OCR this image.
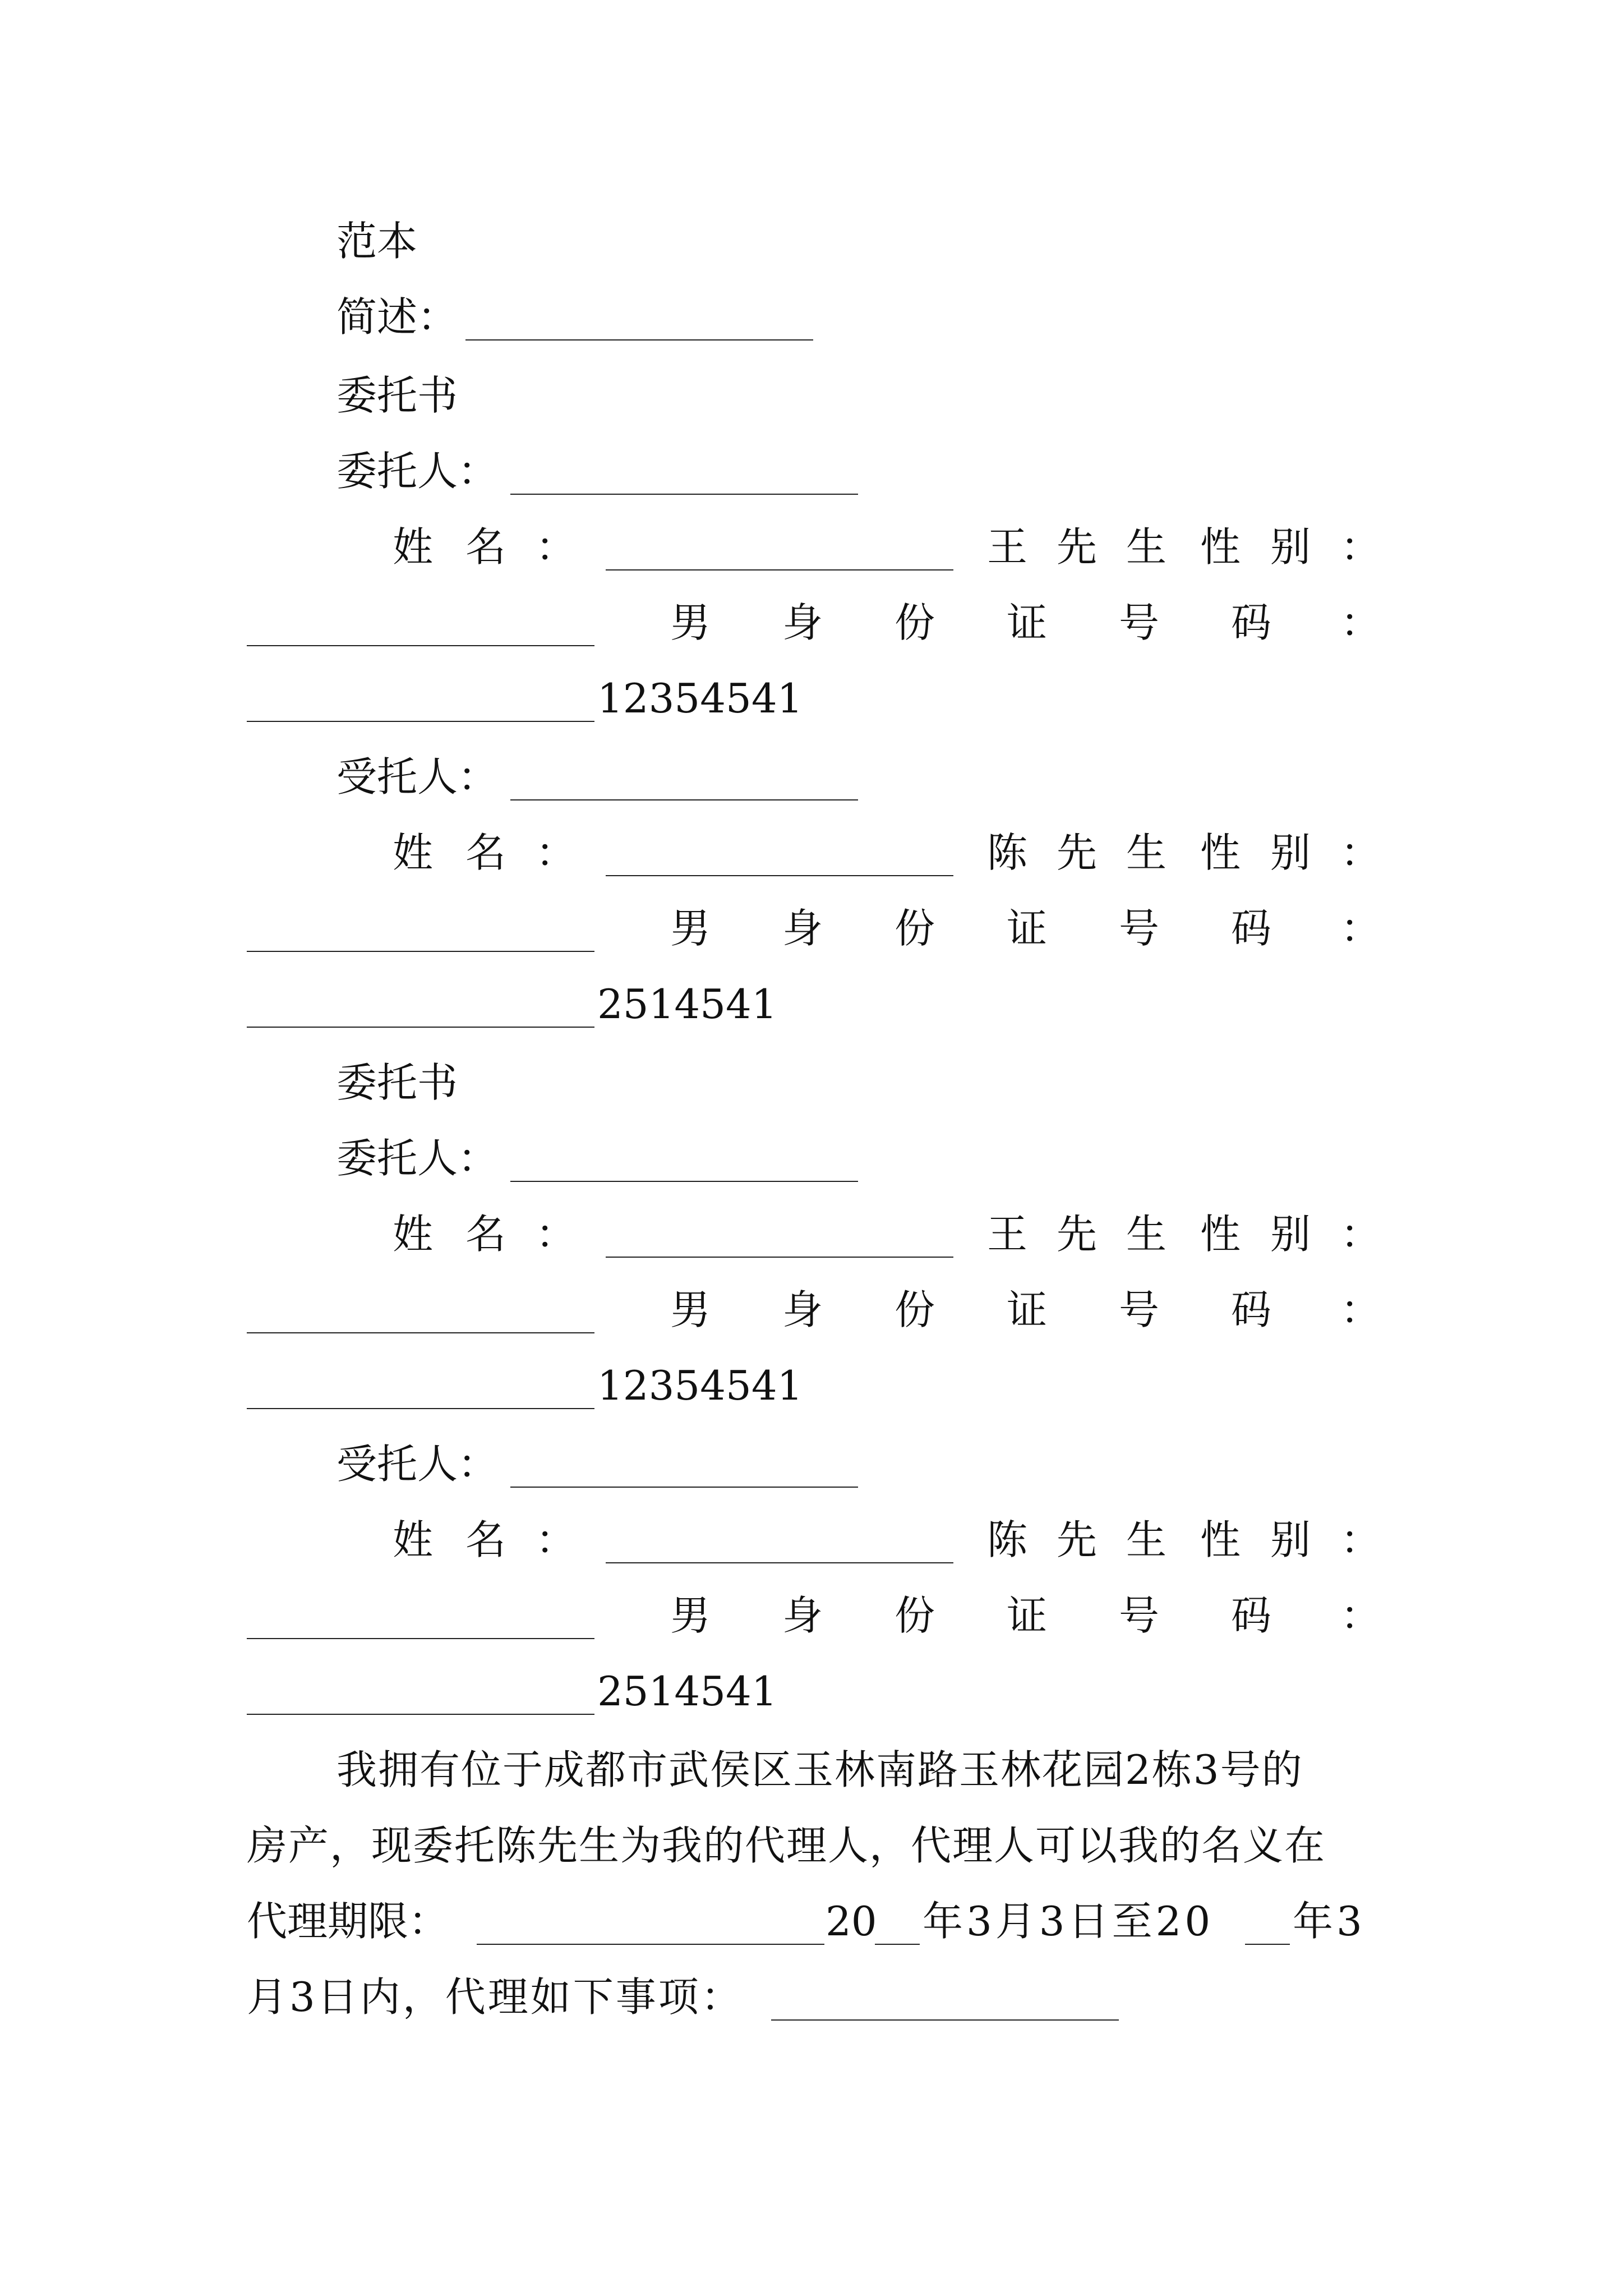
范本
简述：
委托书
委托人：
姓 名 ：	王先生 性 别 ：
男 身 份 证 号 码 ：
12354541
受托人：
姓 名 ：	陈先生 性 别 ：
男 身 份 证 号 码 ：
2514541
委托书
委托人：
姓 名 ：	王先生 性 别 ：
男 身 份 证 号 码 ：
12354541
受托人：
姓 名 ：	陈先生 性 别 ：
男 身 份 证 号 码 ：
2514541
我拥有位于成都市武侯区玉林南路玉林花园2栋3号的
房产，现委托陈先生为我的代理人，代理人可以我的名义在
代理期限：	20 年3月3日至20 年3
月3日内，代理如下事项：
